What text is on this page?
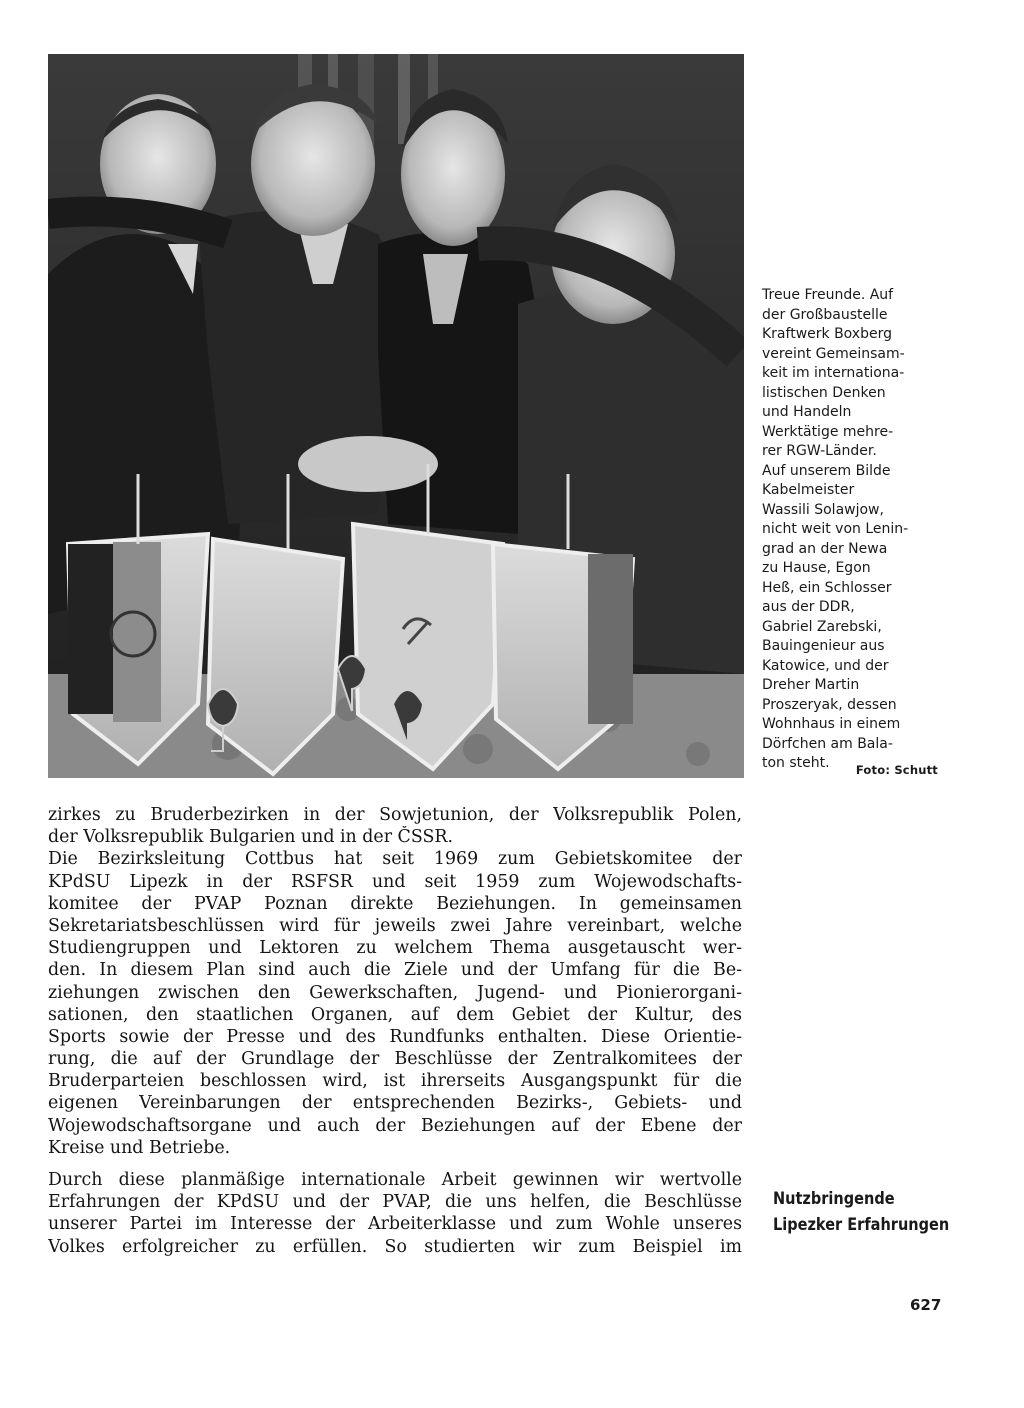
Treue Freunde. Auf
der Großbaustelle
Kraftwerk Boxberg
vereint Gemeinsam-
keit im internationa-
listischen Denken
und Handeln
Werktätige mehre-
rer RGW-Länder.
Auf unserem Bilde
Kabelmeister
Wassili Solawjow,
nicht weit von Lenin-
grad an der Newa
zu Hause, Egon
Heß, ein Schlosser
aus der DDR,
Gabriel Zarebski,
Bauingenieur aus
Katowice, und der
Dreher Martin
Proszeryak, dessen
Wohnhaus in einem
Dörfchen am Bala-
ton steht.	Foto: Schutt
zirkes zu Bruderbezirken in der Sowjetunion, der Volksrepublik Polen,
der Volksrepublik Bulgarien und in der ČSSR.
Die Bezirksleitung Cottbus hat seit 1969 zum Gebietskomitee der
KPdSU Lipezk in der RSFSR und seit 1959 zum Wojewodschafts-
komitee der PVAP Poznan direkte Beziehungen. In gemeinsamen
Sekretariatsbeschlüssen wird für jeweils zwei Jahre vereinbart, welche
Studiengruppen und Lektoren zu welchem Thema ausgetauscht wer-
den. In diesem Plan sind auch die Ziele und der Umfang für die Be-
ziehungen zwischen den Gewerkschaften, Jugend- und Pionierorgani-
sationen, den staatlichen Organen, auf dem Gebiet der Kultur, des
Sports sowie der Presse und des Rundfunks enthalten. Diese Orientie-
rung, die auf der Grundlage der Beschlüsse der Zentralkomitees der
Bruderparteien beschlossen wird, ist ihrerseits Ausgangspunkt für die
eigenen Vereinbarungen der entsprechenden Bezirks-, Gebiets- und
Wojewodschaftsorgane und auch der Beziehungen auf der Ebene der
Kreise und Betriebe.
Durch diese planmäßige internationale Arbeit gewinnen wir wertvolle
Erfahrungen der KPdSU und der PVAP, die uns helfen, die Beschlüsse
unserer Partei im Interesse der Arbeiterklasse und zum Wohle unseres
Volkes erfolgreicher zu erfüllen. So studierten wir zum Beispiel im
Nutzbringende
Lipezker Erfahrungen
627
